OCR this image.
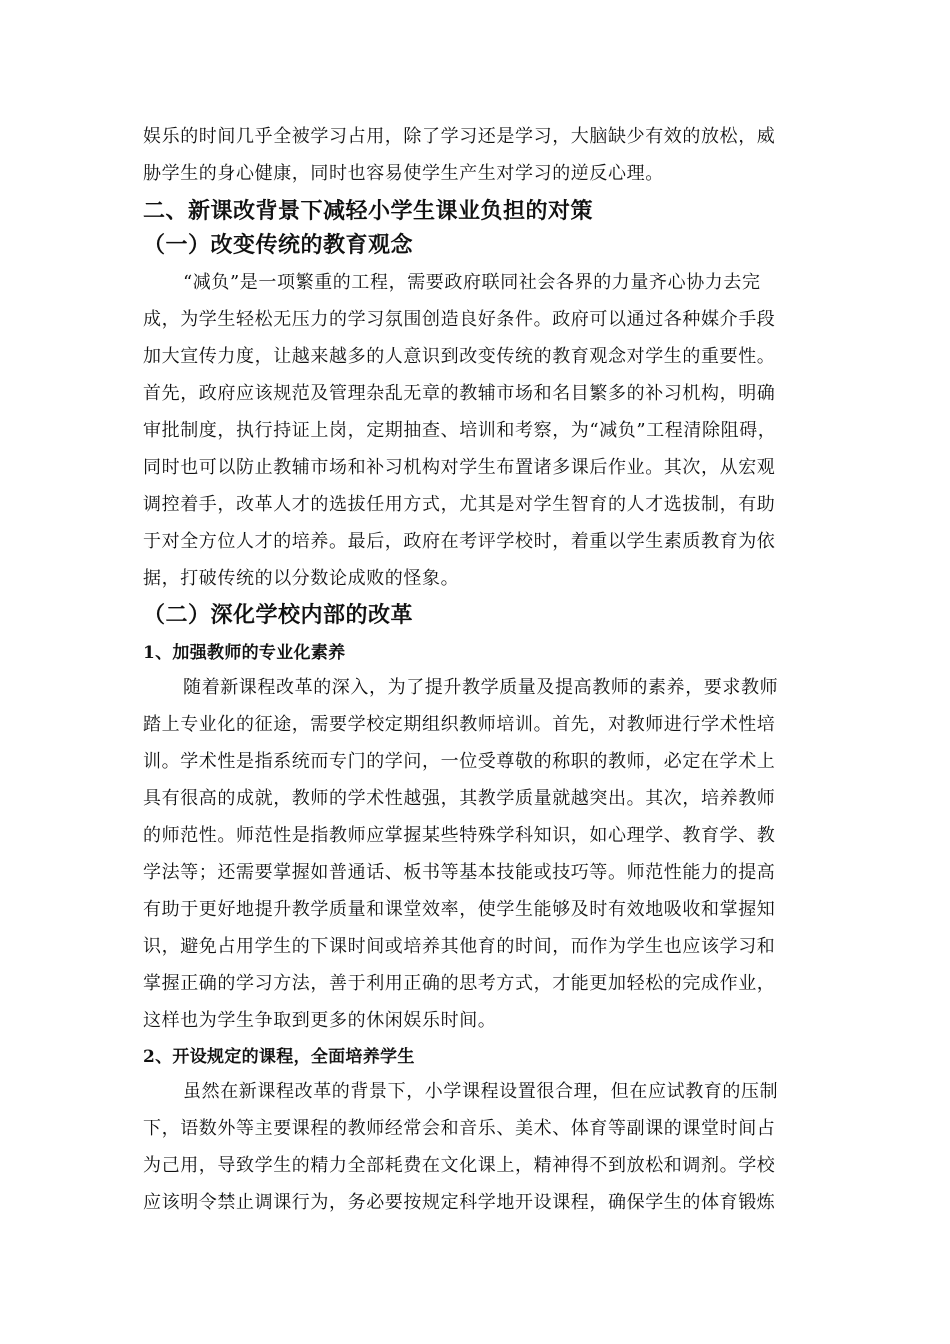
娱乐的时间几乎全被学习占用，除了学习还是学习，大脑缺少有效的放松，威
胁学生的身心健康，同时也容易使学生产生对学习的逆反心理。
二、新课改背景下减轻小学生课业负担的对策
（一）改变传统的教育观念
“减负”是一项繁重的工程，需要政府联同社会各界的力量齐心协力去完
成，为学生轻松无压力的学习氛围创造良好条件。政府可以通过各种媒介手段
加大宣传力度，让越来越多的人意识到改变传统的教育观念对学生的重要性。
首先，政府应该规范及管理杂乱无章的教辅市场和名目繁多的补习机构，明确
审批制度，执行持证上岗，定期抽查、培训和考察，为“减负”工程清除阻碍，
同时也可以防止教辅市场和补习机构对学生布置诸多课后作业。其次，从宏观
调控着手，改革人才的选拔任用方式，尤其是对学生智育的人才选拔制，有助
于对全方位人才的培养。最后，政府在考评学校时，着重以学生素质教育为依
据，打破传统的以分数论成败的怪象。
（二）深化学校内部的改革
1、加强教师的专业化素养
随着新课程改革的深入，为了提升教学质量及提高教师的素养，要求教师
踏上专业化的征途，需要学校定期组织教师培训。首先，对教师进行学术性培
训。学术性是指系统而专门的学问，一位受尊敬的称职的教师，必定在学术上
具有很高的成就，教师的学术性越强，其教学质量就越突出。其次，培养教师
的师范性。师范性是指教师应掌握某些特殊学科知识，如心理学、教育学、教
学法等；还需要掌握如普通话、板书等基本技能或技巧等。师范性能力的提高
有助于更好地提升教学质量和课堂效率，使学生能够及时有效地吸收和掌握知
识，避免占用学生的下课时间或培养其他育的时间，而作为学生也应该学习和
掌握正确的学习方法，善于利用正确的思考方式，才能更加轻松的完成作业，
这样也为学生争取到更多的休闲娱乐时间。
2、开设规定的课程，全面培养学生
虽然在新课程改革的背景下，小学课程设置很合理，但在应试教育的压制
下，语数外等主要课程的教师经常会和音乐、美术、体育等副课的课堂时间占
为己用，导致学生的精力全部耗费在文化课上，精神得不到放松和调剂。学校
应该明令禁止调课行为，务必要按规定科学地开设课程，确保学生的体育锻炼
